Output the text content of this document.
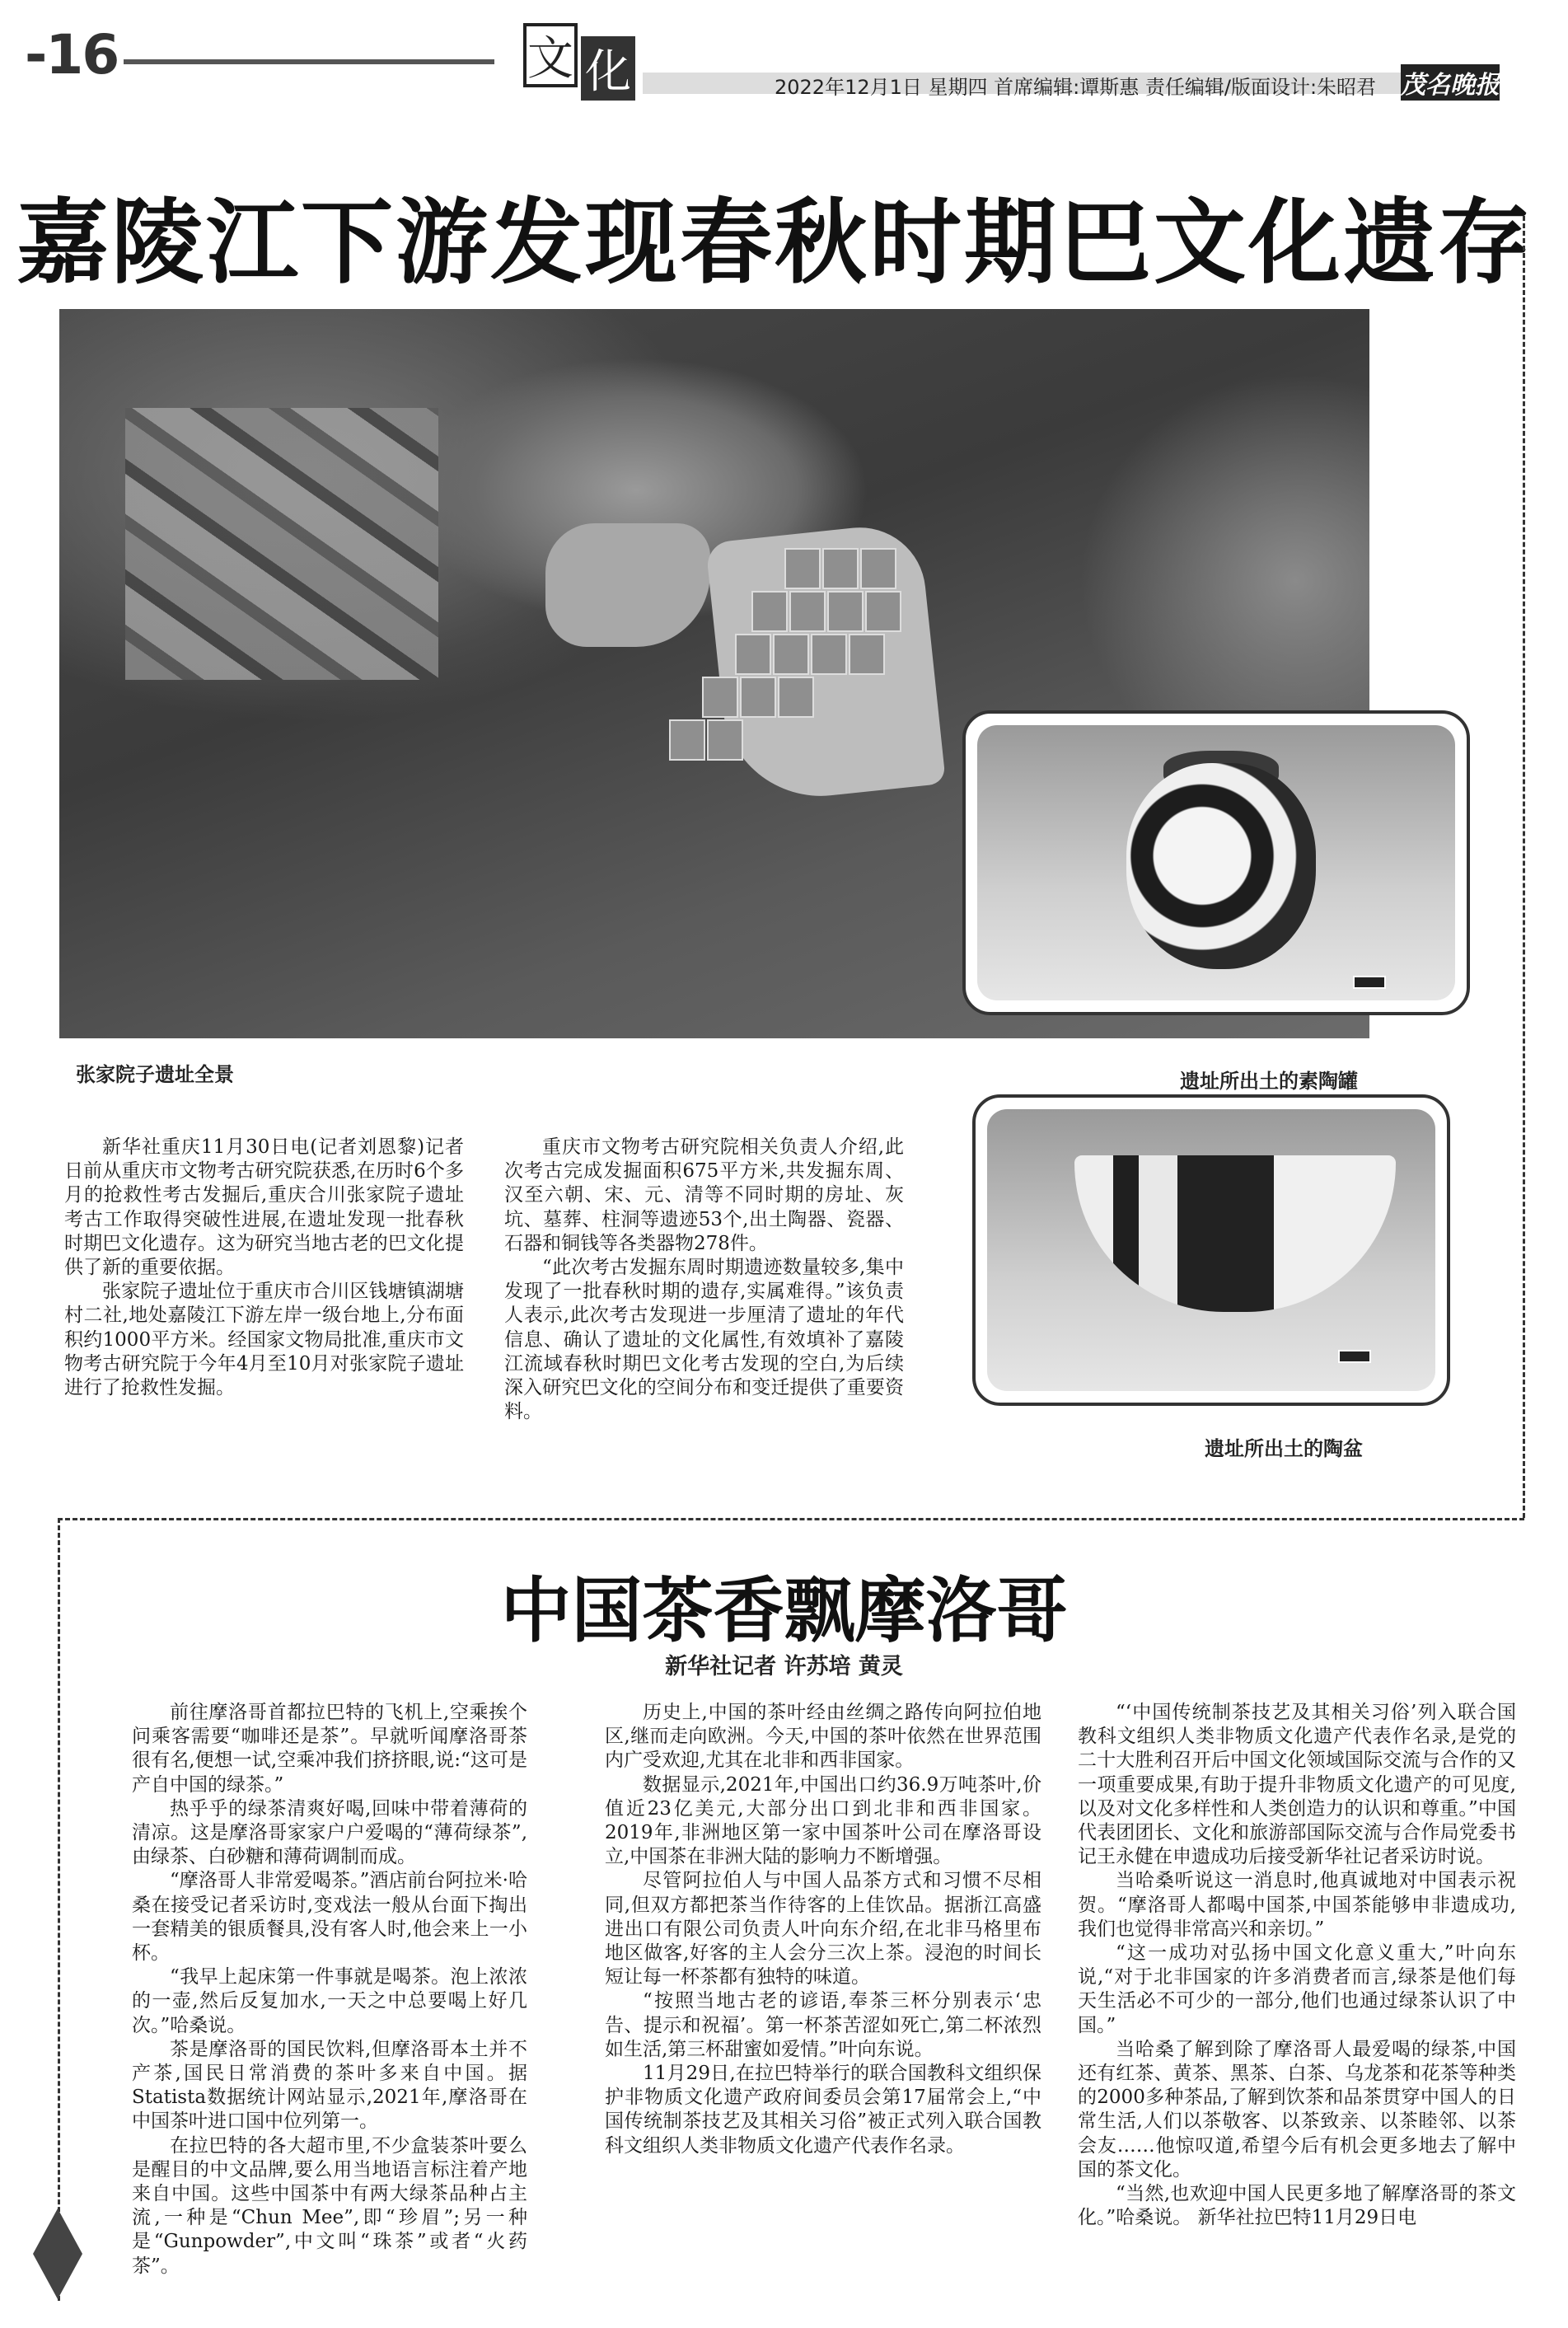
-16	文 化	2022年12月1日 星期四 首席编辑:谭斯惠 责任编辑/版面设计:朱昭君 茂名晚报
嘉陵江下游发现春秋时期巴文化遗存
张家院子遗址全景	遗址所出土的素陶罐
遗址所出土的陶盆

新华社重庆11月30日电(记者刘恩黎)记者日前从重庆市文物考古研究院获悉,在历时6个多月的抢救性考古发掘后,重庆合川张家院子遗址考古工作取得突破性进展,在遗址发现一批春秋时期巴文化遗存。这为研究当地古老的巴文化提供了新的重要依据。

张家院子遗址位于重庆市合川区钱塘镇湖塘村二社,地处嘉陵江下游左岸一级台地上,分布面积约1000平方米。经国家文物局批准,重庆市文物考古研究院于今年4月至10月对张家院子遗址进行了抢救性发掘。

重庆市文物考古研究院相关负责人介绍,此次考古完成发掘面积675平方米,共发掘东周、汉至六朝、宋、元、清等不同时期的房址、灰坑、墓葬、柱洞等遗迹53个,出土陶器、瓷器、石器和铜钱等各类器物278件。

“此次考古发掘东周时期遗迹数量较多,集中发现了一批春秋时期的遗存,实属难得。”该负责人表示,此次考古发现进一步厘清了遗址的年代信息、确认了遗址的文化属性,有效填补了嘉陵江流域春秋时期巴文化考古发现的空白,为后续深入研究巴文化的空间分布和变迁提供了重要资料。

中国茶香飘摩洛哥
新华社记者 许苏培 黄灵

前往摩洛哥首都拉巴特的飞机上,空乘挨个问乘客需要“咖啡还是茶”。早就听闻摩洛哥茶很有名,便想一试,空乘冲我们挤挤眼,说:“这可是产自中国的绿茶。”

热乎乎的绿茶清爽好喝,回味中带着薄荷的清凉。这是摩洛哥家家户户爱喝的“薄荷绿茶”,由绿茶、白砂糖和薄荷调制而成。

“摩洛哥人非常爱喝茶。”酒店前台阿拉米·哈桑在接受记者采访时,变戏法一般从台面下掏出一套精美的银质餐具,没有客人时,他会来上一小杯。

“我早上起床第一件事就是喝茶。泡上浓浓的一壶,然后反复加水,一天之中总要喝上好几次。”哈桑说。

茶是摩洛哥的国民饮料,但摩洛哥本土并不产茶,国民日常消费的茶叶多来自中国。据Statista数据统计网站显示,2021年,摩洛哥在中国茶叶进口国中位列第一。

在拉巴特的各大超市里,不少盒装茶叶要么是醒目的中文品牌,要么用当地语言标注着产地来自中国。这些中国茶中有两大绿茶品种占主流,一种是“Chun Mee”,即“珍眉”;另一种是“Gunpowder”,中文叫“珠茶”或者“火药茶”。

历史上,中国的茶叶经由丝绸之路传向阿拉伯地区,继而走向欧洲。今天,中国的茶叶依然在世界范围内广受欢迎,尤其在北非和西非国家。

数据显示,2021年,中国出口约36.9万吨茶叶,价值近23亿美元,大部分出口到北非和西非国家。2019年,非洲地区第一家中国茶叶公司在摩洛哥设立,中国茶在非洲大陆的影响力不断增强。

尽管阿拉伯人与中国人品茶方式和习惯不尽相同,但双方都把茶当作待客的上佳饮品。据浙江高盛进出口有限公司负责人叶向东介绍,在北非马格里布地区做客,好客的主人会分三次上茶。浸泡的时间长短让每一杯茶都有独特的味道。

“按照当地古老的谚语,奉茶三杯分别表示‘忠告、提示和祝福’。第一杯茶苦涩如死亡,第二杯浓烈如生活,第三杯甜蜜如爱情。”叶向东说。

11月29日,在拉巴特举行的联合国教科文组织保护非物质文化遗产政府间委员会第17届常会上,“中国传统制茶技艺及其相关习俗”被正式列入联合国教科文组织人类非物质文化遗产代表作名录。

“‘中国传统制茶技艺及其相关习俗’列入联合国教科文组织人类非物质文化遗产代表作名录,是党的二十大胜利召开后中国文化领域国际交流与合作的又一项重要成果,有助于提升非物质文化遗产的可见度,以及对文化多样性和人类创造力的认识和尊重。”中国代表团团长、文化和旅游部国际交流与合作局党委书记王永健在申遗成功后接受新华社记者采访时说。

当哈桑听说这一消息时,他真诚地对中国表示祝贺。“摩洛哥人都喝中国茶,中国茶能够申非遗成功,我们也觉得非常高兴和亲切。”

“这一成功对弘扬中国文化意义重大,”叶向东说,“对于北非国家的许多消费者而言,绿茶是他们每天生活必不可少的一部分,他们也通过绿茶认识了中国。”

当哈桑了解到除了摩洛哥人最爱喝的绿茶,中国还有红茶、黄茶、黑茶、白茶、乌龙茶和花茶等种类的2000多种茶品,了解到饮茶和品茶贯穿中国人的日常生活,人们以茶敬客、以茶致亲、以茶睦邻、以茶会友……他惊叹道,希望今后有机会更多地去了解中国的茶文化。

“当然,也欢迎中国人民更多地了解摩洛哥的茶文化。”哈桑说。 新华社拉巴特11月29日电
